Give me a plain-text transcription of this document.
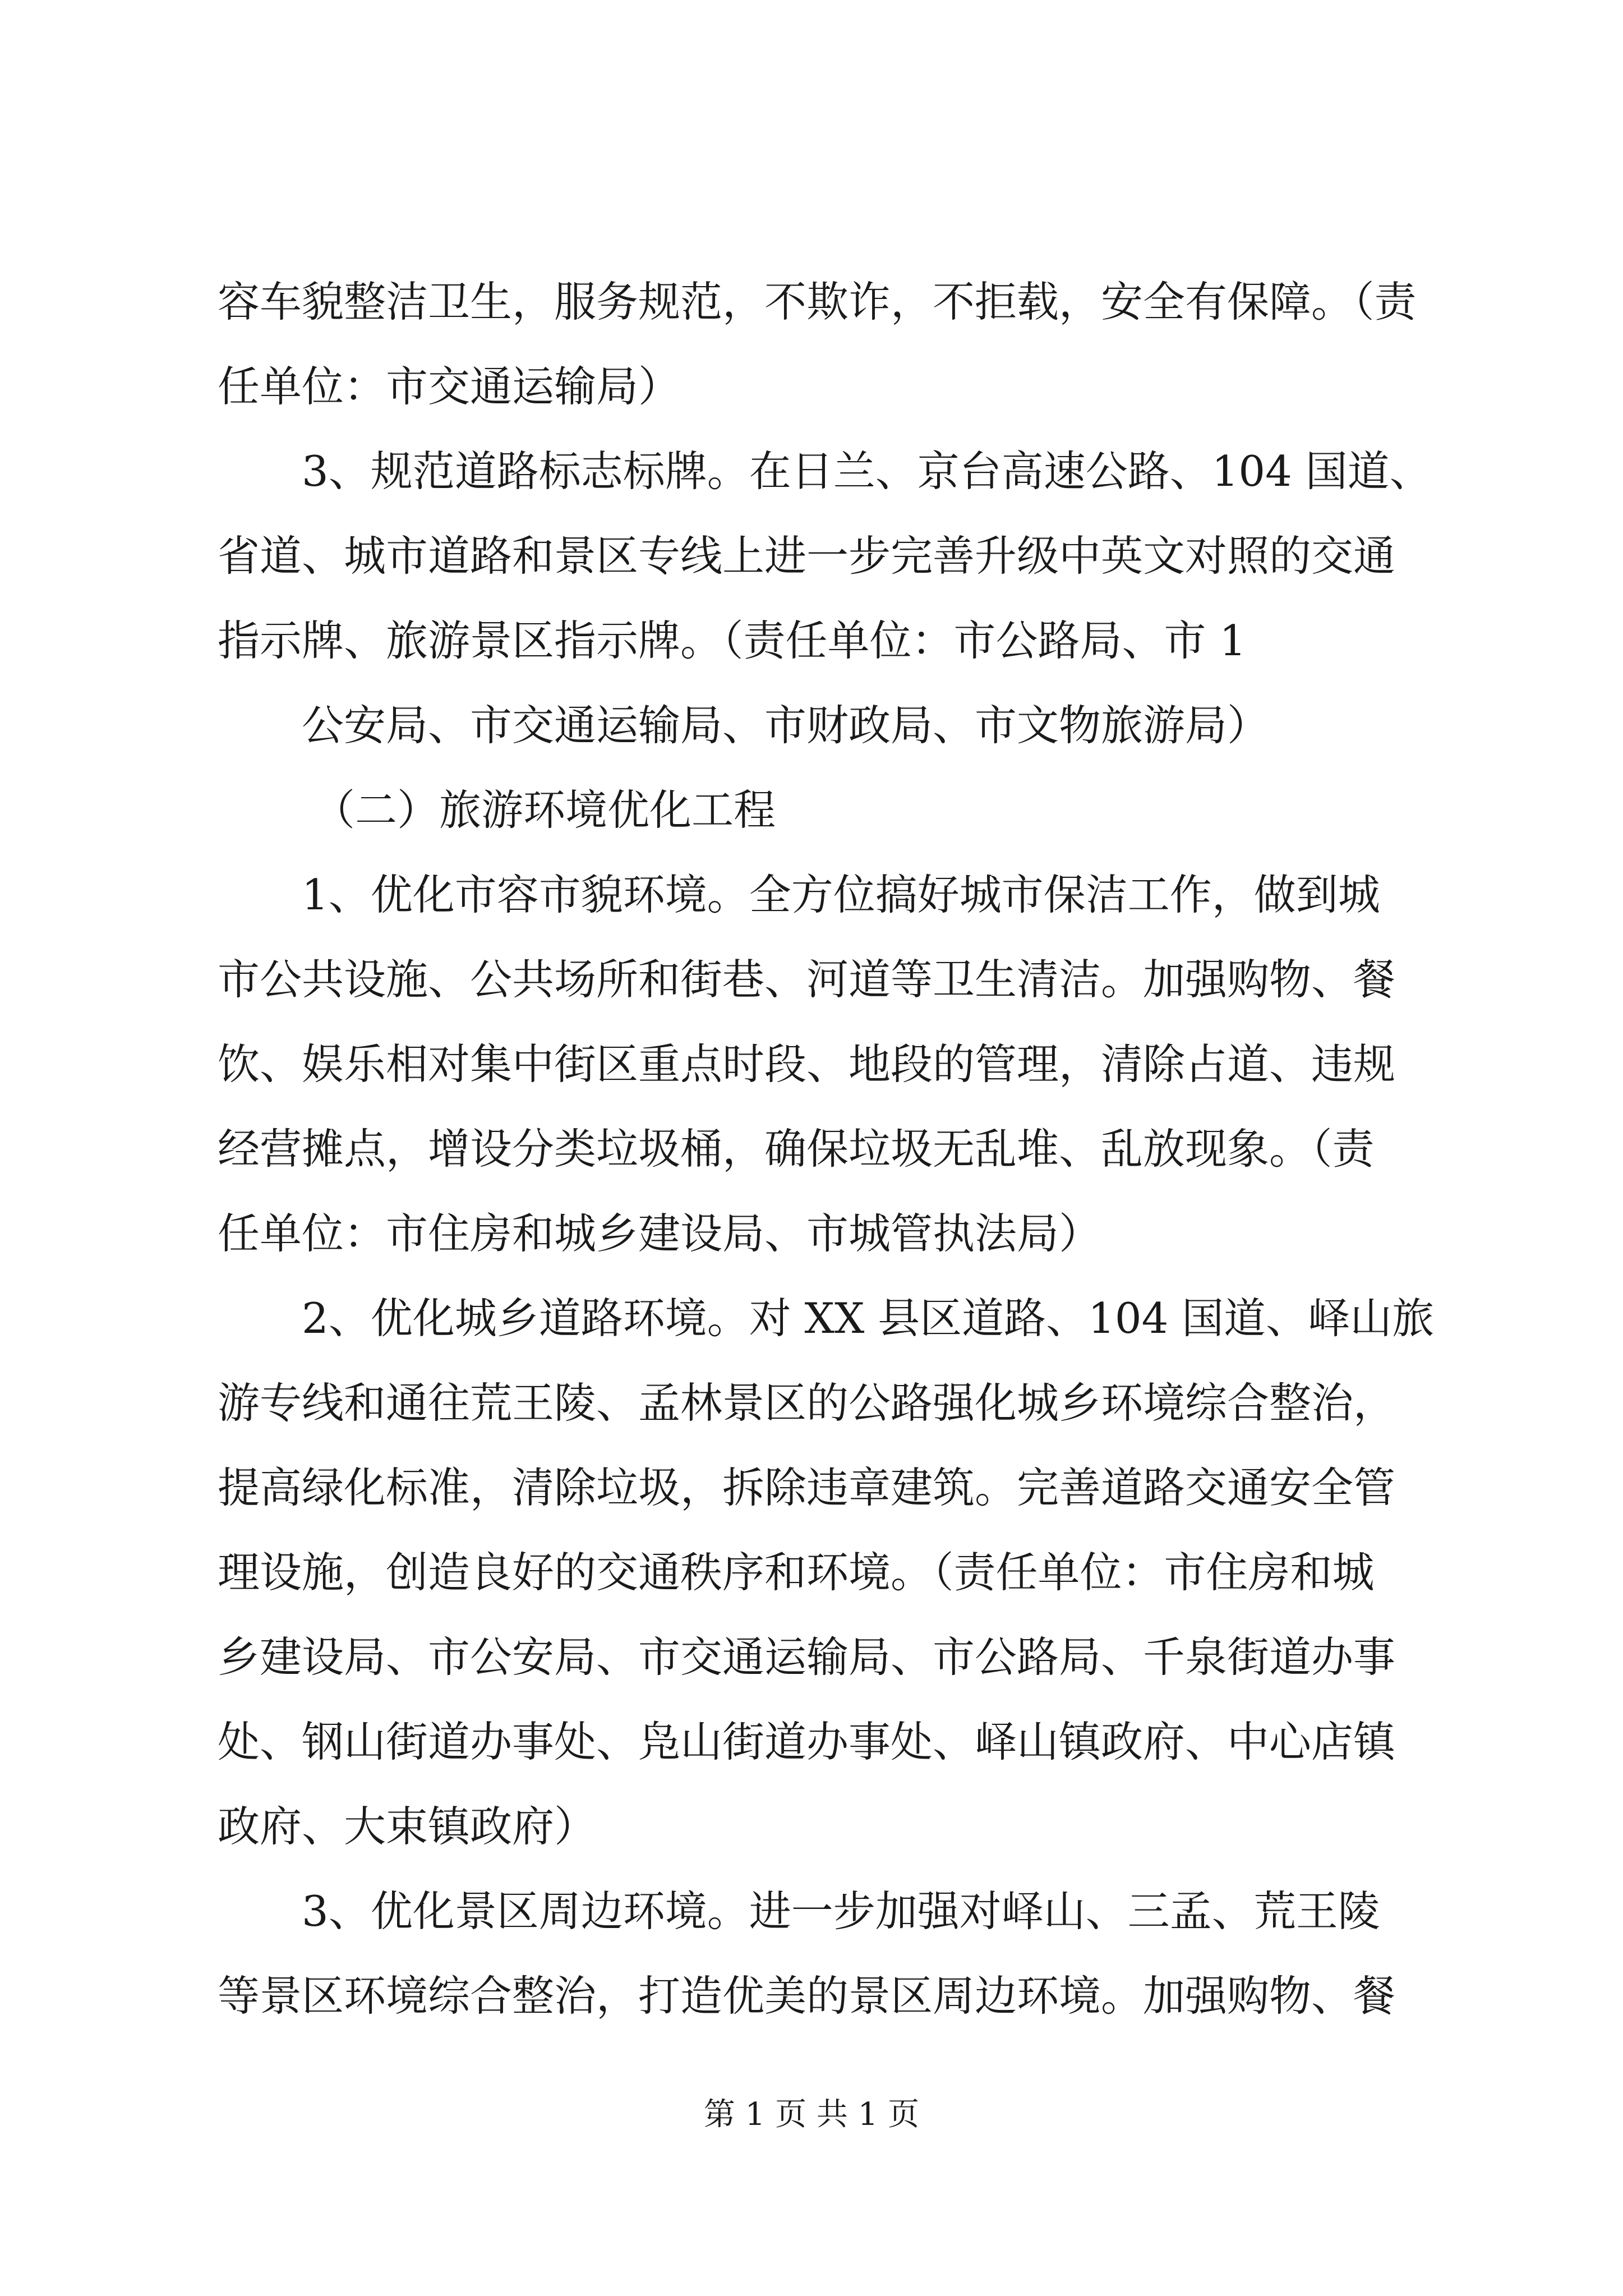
容车貌整洁卫生，服务规范，不欺诈，不拒载，安全有保障。（责
任单位：市交通运输局）
3、规范道路标志标牌。在日兰、京台高速公路、104 国道、
省道、城市道路和景区专线上进一步完善升级中英文对照的交通
指示牌、旅游景区指示牌。（责任单位：市公路局、市 1
公安局、市交通运输局、市财政局、市文物旅游局）
（二）旅游环境优化工程
1、优化市容市貌环境。全方位搞好城市保洁工作，做到城
市公共设施、公共场所和街巷、河道等卫生清洁。加强购物、餐
饮、娱乐相对集中街区重点时段、地段的管理，清除占道、违规
经营摊点，增设分类垃圾桶，确保垃圾无乱堆、乱放现象。（责
任单位：市住房和城乡建设局、市城管执法局）
2、优化城乡道路环境。对 XX 县区道路、104 国道、峄山旅
游专线和通往荒王陵、孟林景区的公路强化城乡环境综合整治，
提高绿化标准，清除垃圾，拆除违章建筑。完善道路交通安全管
理设施，创造良好的交通秩序和环境。（责任单位：市住房和城
乡建设局、市公安局、市交通运输局、市公路局、千泉街道办事
处、钢山街道办事处、凫山街道办事处、峄山镇政府、中心店镇
政府、大束镇政府）
3、优化景区周边环境。进一步加强对峄山、三孟、荒王陵
等景区环境综合整治，打造优美的景区周边环境。加强购物、餐
第 1 页 共 1 页
